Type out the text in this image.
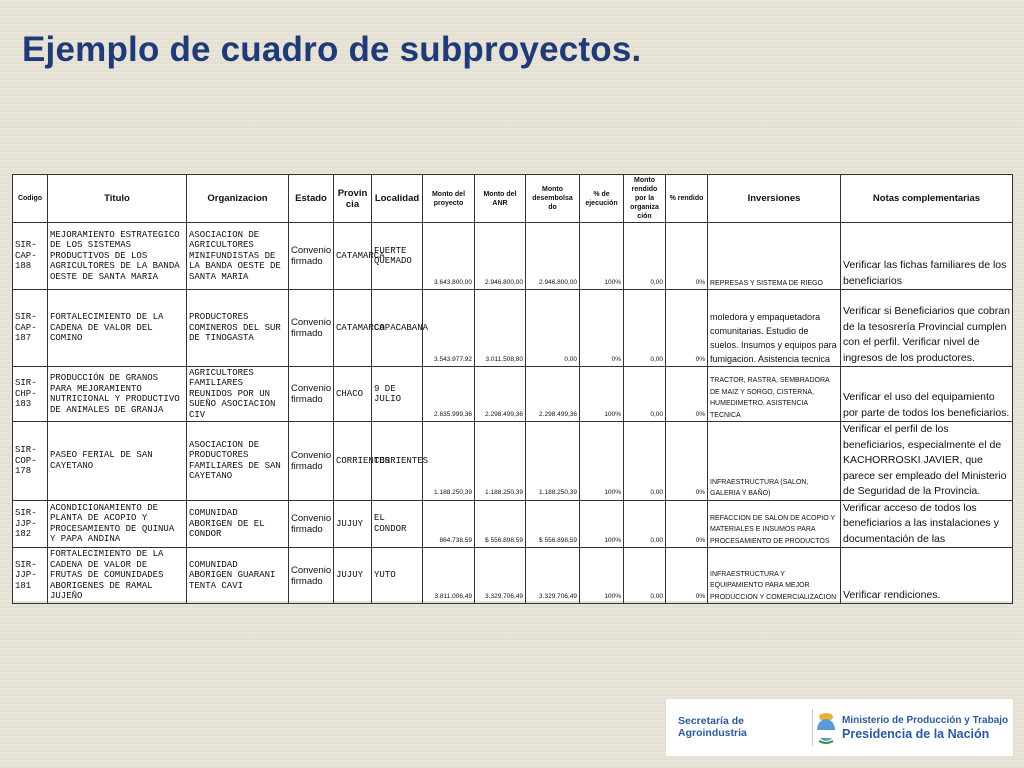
Ejemplo de cuadro de subproyectos.
Codigo	Titulo	Organizacion	Estado	Provin cia	Localidad	Monto del proyecto	Monto del ANR	Monto desembolsa do	% de ejecución	Monto rendido por la organiza ción	% rendido	Inversiones	Notas complementarias
SIR-CAP-188	MEJORAMIENTO ESTRATEGICO DE LOS SISTEMAS PRODUCTIVOS DE LOS AGRICULTORES DE LA BANDA OESTE DE SANTA MARIA	ASOCIACION DE AGRICULTORES MINIFUNDISTAS DE LA BANDA OESTE DE SANTA MARIA	Convenio firmado	CATAMARCA	FUERTE QUEMADO	3.643.800,00	2.946.800,00	2.946.800,00	100%	0,00	0%	REPRESAS Y SISTEMA DE RIEGO	Verificar las fichas familiares de los beneficiarios
SIR-CAP-187	FORTALECIMIENTO DE LA CADENA DE VALOR DEL COMINO	PRODUCTORES COMINEROS DEL SUR DE TINOGASTA	Convenio firmado	CATAMARCA	COPACABANA	3.543.977,92	3.011.508,80	0,00	0%	0,00	0%	moledora y empaquetadora comunitarias. Estudio de suelos. Insumos y equipos para fumigacion. Asistencia tecnica	Verificar si Beneficiarios que cobran de la tesosrería Provincial cumplen con el perfil. Verificar nivel de ingresos de los productores.
SIR-CHP-183	PRODUCCIÓN DE GRANOS PARA MEJORAMIENTO NUTRICIONAL Y PRODUCTIVO DE ANIMALES DE GRANJA	AGRICULTORES FAMILIARES REUNIDOS POR UN SUEÑO ASOCIACION CIV	Convenio firmado	CHACO	9 DE JULIO	2.635.999,36	2.298.499,36	2.298.499,36	100%	0,00	0%	TRACTOR, RASTRA, SEMBRADORA DE MAIZ Y SORGO, CISTERNA, HUMEDIMETRO, ASISTENCIA TECNICA	Verificar el uso del equipamiento por parte de todos los beneficiarios.
SIR-COP-178	PASEO FERIAL DE SAN CAYETANO	ASOCIACION DE PRODUCTORES FAMILIARES DE SAN CAYETANO	Convenio firmado	CORRIENTES	CORRIENTES	1.188.250,39	1.188.250,39	1.188.250,39	100%	0,00	0%	INFRAESTRUCTURA (SALON, GALERIA Y BAÑO)	Verificar el perfil de los beneficiarios, especialmente el de KACHORROSKI JAVIER, que parece ser empleado del Ministerio de Seguridad de la Provincia.
SIR-JJP-182	ACONDICIONAMIENTO DE PLANTA DE ACOPIO Y PROCESAMIENTO DE QUINUA Y PAPA ANDINA	COMUNIDAD ABORIGEN DE EL CONDOR	Convenio firmado	JUJUY	EL CONDOR	864.738,59	$ 556.898,59	$ 556.898,59	100%	0,00	0%	REFACCION DE SALON DE ACOPIO Y MATERIALES E INSUMOS PARA PROCESAMIENTO DE PRODUCTOS	Verificar acceso de todos los beneficiarios a las instalaciones y documentación de las
SIR-JJP-181	FORTALECIMIENTO DE LA CADENA DE VALOR DE FRUTAS DE COMUNIDADES ABORIGENES DE RAMAL JUJEÑO	COMUNIDAD ABORIGEN GUARANI TENTA CAVI	Convenio firmado	JUJUY	YUTO	3.811.006,49	3.329.706,49	3.329.706,49	100%	0,00	0%	INFRAESTRUCTURA Y EQUIPAMIENTO PARA MEJOR PRODUCCION Y COMERCIALIZACION	Verificar rendiciones.
Secretaría de Agroindustria
Ministerio de Producción y Trabajo
Presidencia de la Nación
